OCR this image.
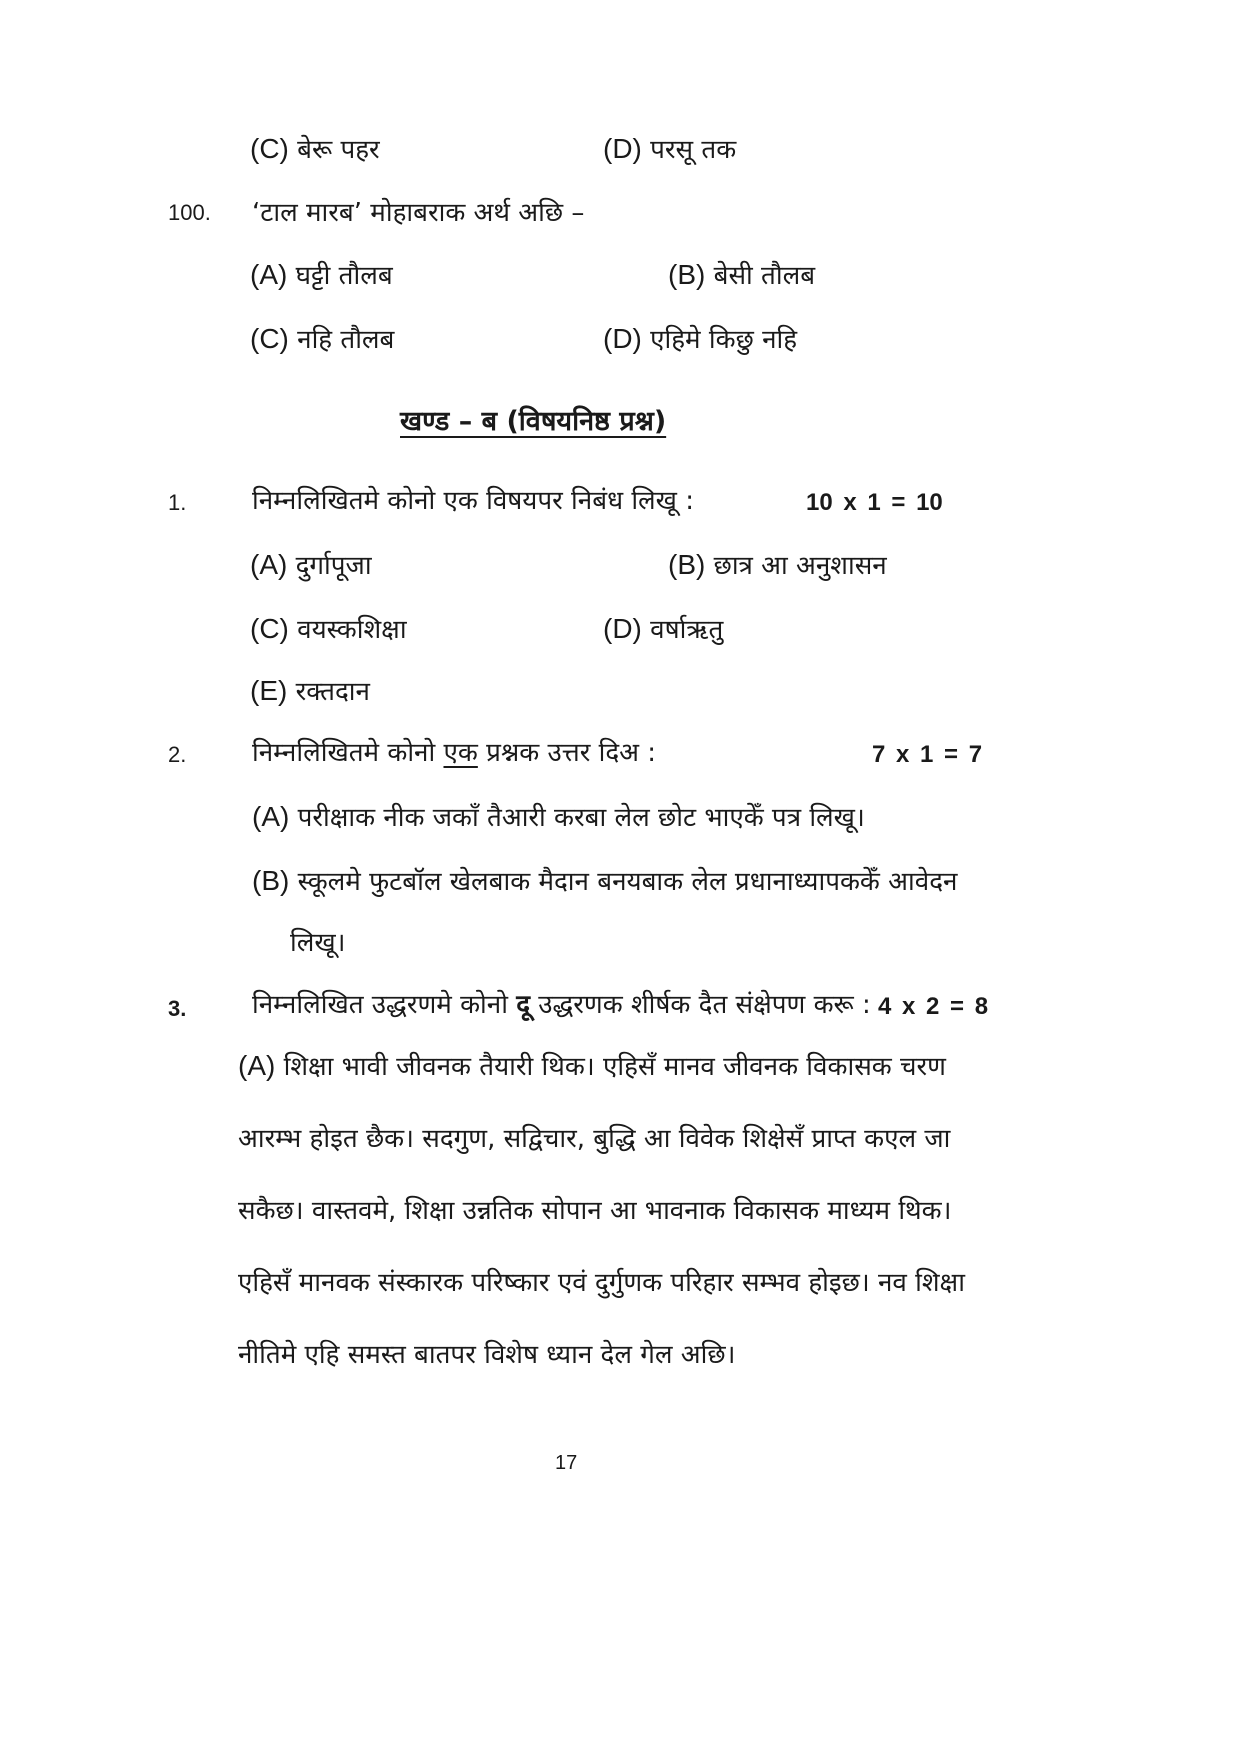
(C) बेरू पहर	(D) परसू तक
100. ‘टाल मारब’ मोहाबराक अर्थ अछि –
(A) घट्टी तौलब	(B) बेसी तौलब
(C) नहि तौलब	(D) एहिमे किछु नहि
खण्ड – ब (विषयनिष्ठ प्रश्न)
1.	निम्नलिखितमे कोनो एक विषयपर निबंध लिखू :	10 x 1 = 10
(A) दुर्गापूजा	(B) छात्र आ अनुशासन
(C) वयस्कशिक्षा	(D) वर्षाऋतु
(E) रक्तदान
2.	निम्नलिखितमे कोनो एक प्रश्नक उत्तर दिअ :	7 x 1 = 7
(A) परीक्षाक नीक जकाँ तैआरी करबा लेल छोट भाएकेँ पत्र लिखू।
(B) स्कूलमे फुटबॉल खेलबाक मैदान बनयबाक लेल प्रधानाध्यापककेँ आवेदन
लिखू।
3.	निम्नलिखित उद्धरणमे कोनो दू उद्धरणक शीर्षक दैत संक्षेपण करू : 4 x 2 = 8
(A) शिक्षा भावी जीवनक तैयारी थिक। एहिसँ मानव जीवनक विकासक चरण
आरम्भ होइत छैक। सदगुण, सद्विचार, बुद्धि आ विवेक शिक्षेसँ प्राप्त कएल जा
सकैछ। वास्तवमे, शिक्षा उन्नतिक सोपान आ भावनाक विकासक माध्यम थिक।
एहिसँ मानवक संस्कारक परिष्कार एवं दुर्गुणक परिहार सम्भव होइछ। नव शिक्षा
नीतिमे एहि समस्त बातपर विशेष ध्यान देल गेल अछि।
17
